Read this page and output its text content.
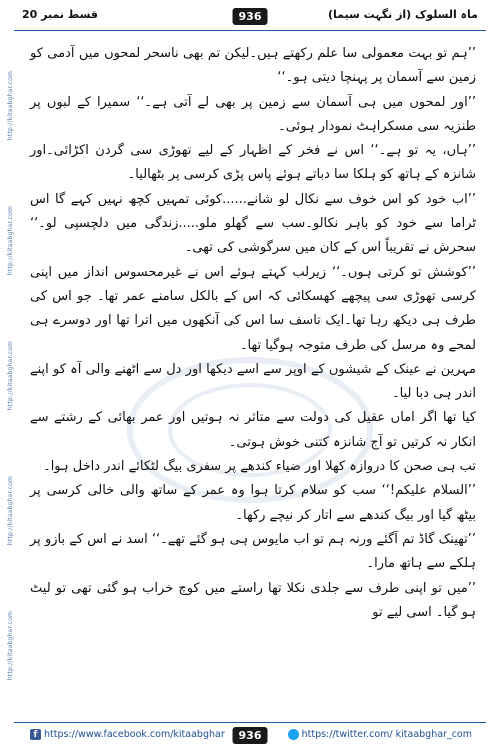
قسط نمبر 20	ماہ السلوک (از نگہت سیما)
936
http://kitaabghar.com
http://kitaabghar.com
http://kitaabghar.com
http://kitaabghar.com
http://kitaabghar.com

’’ہم تو بہت معمولی سا علم رکھتے ہیں۔لیکن تم بھی ناسحر لمحوں میں آدمی کو زمین سے آسمان پر پہنچا دیتی ہو۔‘‘

’’اور لمحوں میں ہی آسمان سے زمین پر بھی لے آتی ہے۔‘‘ سمیرا کے لبوں پر طنزیہ سی مسکراہٹ نمودار ہوئی۔

’’ہاں، یہ تو ہے۔‘‘ اس نے فخر کے اظہار کے لیے تھوڑی سی گردن اکڑائی۔اور شانزہ کے ہاتھ کو ہلکا سا دباتے ہوئے پاس پڑی کرسی پر بٹھالیا۔

’’اب خود کو اس خوف سے نکال لو شانے......کوئی تمہیں کچھ نہیں کہے گا اس ٹراما سے خود کو باہر نکالو۔سب سے گھلو ملو.....زندگی میں دلچسپی لو۔‘‘ سحرش نے تقریباً اس کے کان میں سرگوشی کی تھی۔

’’کوشش تو کرتی ہوں۔‘‘ زیرلب کہتے ہوئے اس نے غیرمحسوس انداز میں اپنی کرسی تھوڑی سی پیچھے کھسکائی کہ اس کے بالکل سامنے عمر تھا۔ جو اس کی طرف ہی دیکھ رہا تھا۔ایک تاسف سا اس کی آنکھوں میں اترا تھا اور دوسرے ہی لمحے وہ مرسل کی طرف متوجہ ہوگیا تھا۔

مہرین نے عینک کے شیشوں کے اوپر سے اسے دیکھا اور دل سے اٹھنے والی آہ کو اپنے اندر ہی دبا لیا۔

کیا تھا اگر اماں عقیل کی دولت سے متاثر نہ ہوتیں اور عمر بھائی کے رشتے سے انکار نہ کرتیں تو آج شانزہ کتنی خوش ہوتی۔

تب ہی صحن کا دروازہ کھلا اور ضیاء کندھے پر سفری بیگ لٹکائے اندر داخل ہوا۔

’’السلام علیکم!‘‘ سب کو سلام کرتا ہوا وہ عمر کے ساتھ والی خالی کرسی پر بیٹھ گیا اور بیگ کندھے سے اتار کر نیچے رکھا۔

’’تھینک گاڈ تم آگئے ورنہ ہم تو اب مایوس ہی ہو گئے تھے۔‘‘ اسد نے اس کے بازو پر ہلکے سے ہاتھ مارا۔

’’میں تو اپنی طرف سے جلدی نکلا تھا راستے میں کوچ خراب ہو گئی تھی تو لیٹ ہو گیا۔ اسی لیے تو

f https://www.facebook.com/kitaabghar	https://twitter.com/ kitaabghar_com
936
